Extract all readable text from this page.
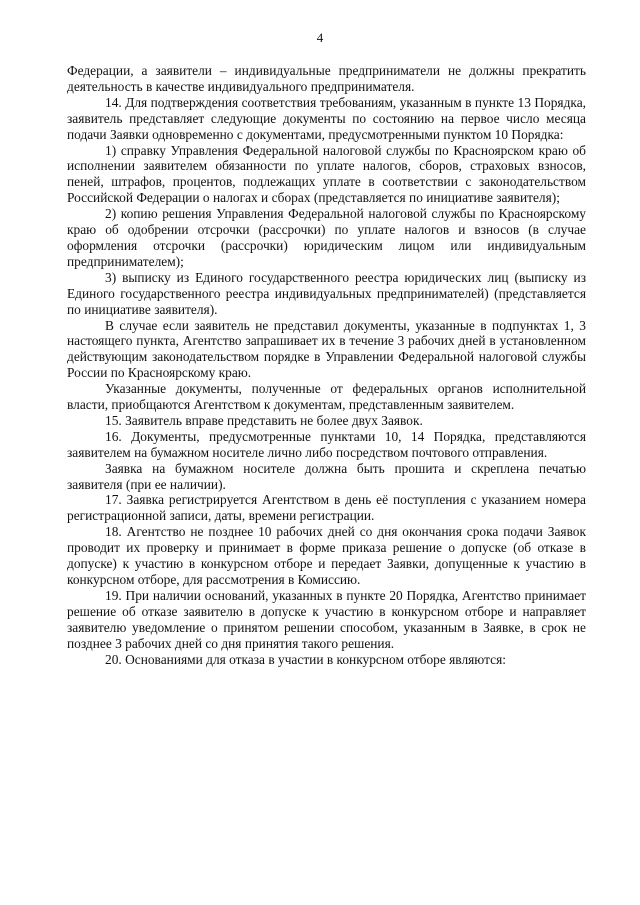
4

Федерации, а заявители – индивидуальные предприниматели не должны прекратить деятельность в качестве индивидуального предпринимателя.

14. Для подтверждения соответствия требованиям, указанным в пункте 13 Порядка, заявитель представляет следующие документы по состоянию на первое число месяца подачи Заявки одновременно с документами, предусмотренными пунктом 10 Порядка:

1) справку Управления Федеральной налоговой службы по Красноярском краю об исполнении заявителем обязанности по уплате налогов, сборов, страховых взносов, пеней, штрафов, процентов, подлежащих уплате в соответствии с законодательством Российской Федерации о налогах и сборах (представляется по инициативе заявителя);

2) копию решения Управления Федеральной налоговой службы по Красноярскому краю об одобрении отсрочки (рассрочки) по уплате налогов и взносов (в случае оформления отсрочки (рассрочки) юридическим лицом или индивидуальным предпринимателем);

3) выписку из Единого государственного реестра юридических лиц (выписку из Единого государственного реестра индивидуальных предпринимателей) (представляется по инициативе заявителя).

В случае если заявитель не представил документы, указанные в подпунктах 1, 3 настоящего пункта, Агентство запрашивает их в течение 3 рабочих дней в установленном действующим законодательством порядке в Управлении Федеральной налоговой службы России по Красноярскому краю.

Указанные документы, полученные от федеральных органов исполнительной власти, приобщаются Агентством к документам, представленным заявителем.

15. Заявитель вправе представить не более двух Заявок.

16. Документы, предусмотренные пунктами 10, 14 Порядка, представляются заявителем на бумажном носителе лично либо посредством почтового отправления.

Заявка на бумажном носителе должна быть прошита и скреплена печатью заявителя (при ее наличии).

17. Заявка регистрируется Агентством в день её поступления с указанием номера регистрационной записи, даты, времени регистрации.

18. Агентство не позднее 10 рабочих дней со дня окончания срока подачи Заявок проводит их проверку и принимает в форме приказа решение о допуске (об отказе в допуске) к участию в конкурсном отборе и передает Заявки, допущенные к участию в конкурсном отборе, для рассмотрения в Комиссию.

19. При наличии оснований, указанных в пункте 20 Порядка, Агентство принимает решение об отказе заявителю в допуске к участию в конкурсном отборе и направляет заявителю уведомление о принятом решении способом, указанным в Заявке, в срок не позднее 3 рабочих дней со дня принятия такого решения.

20. Основаниями для отказа в участии в конкурсном отборе являются:
